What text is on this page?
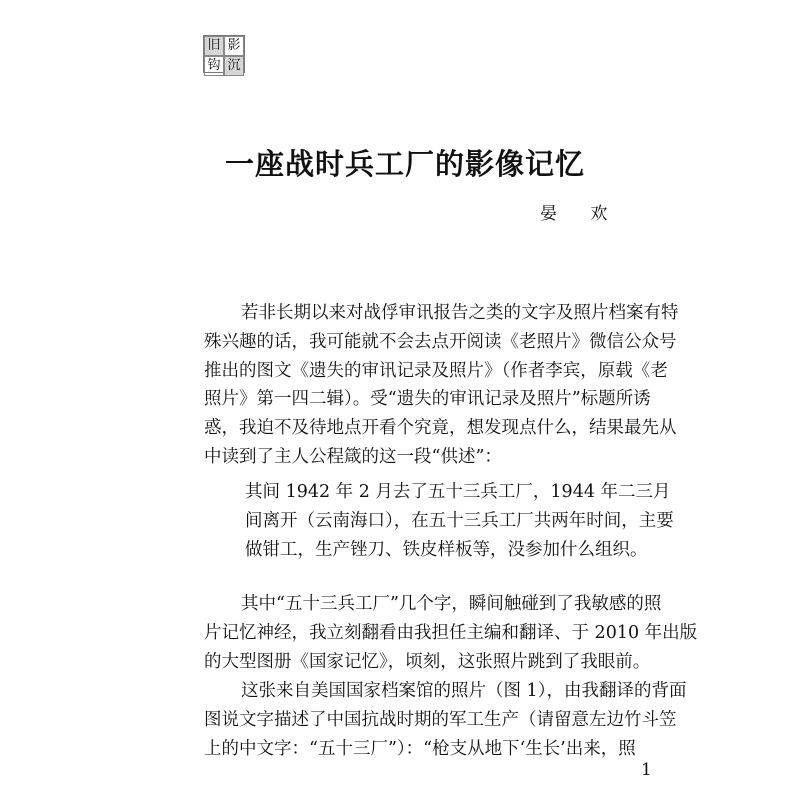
旧 影
钩 沉
一座战时兵工厂的影像记忆
晏 欢
若非长期以来对战俘审讯报告之类的文字及照片档案有特
殊兴趣的话，我可能就不会去点开阅读《老照片》微信公众号
推出的图文《遗失的审讯记录及照片》（作者李宾，原载《老
照片》第一四二辑）。受“遗失的审讯记录及照片”标题所诱
惑，我迫不及待地点开看个究竟，想发现点什么，结果最先从
中读到了主人公程箴的这一段“供述”：
其间 1942 年 2 月去了五十三兵工厂，1944 年二三月
间离开（云南海口），在五十三兵工厂共两年时间，主要
做钳工，生产锉刀、铁皮样板等，没参加什么组织。
其中“五十三兵工厂”几个字，瞬间触碰到了我敏感的照
片记忆神经，我立刻翻看由我担任主编和翻译、于 2010 年出版
的大型图册《国家记忆》，顷刻，这张照片跳到了我眼前。
这张来自美国国家档案馆的照片（图 1），由我翻译的背面
图说文字描述了中国抗战时期的军工生产（请留意左边竹斗笠
上的中文字：“五十三厂”）：“枪支从地下‘生长’出来，照
1
